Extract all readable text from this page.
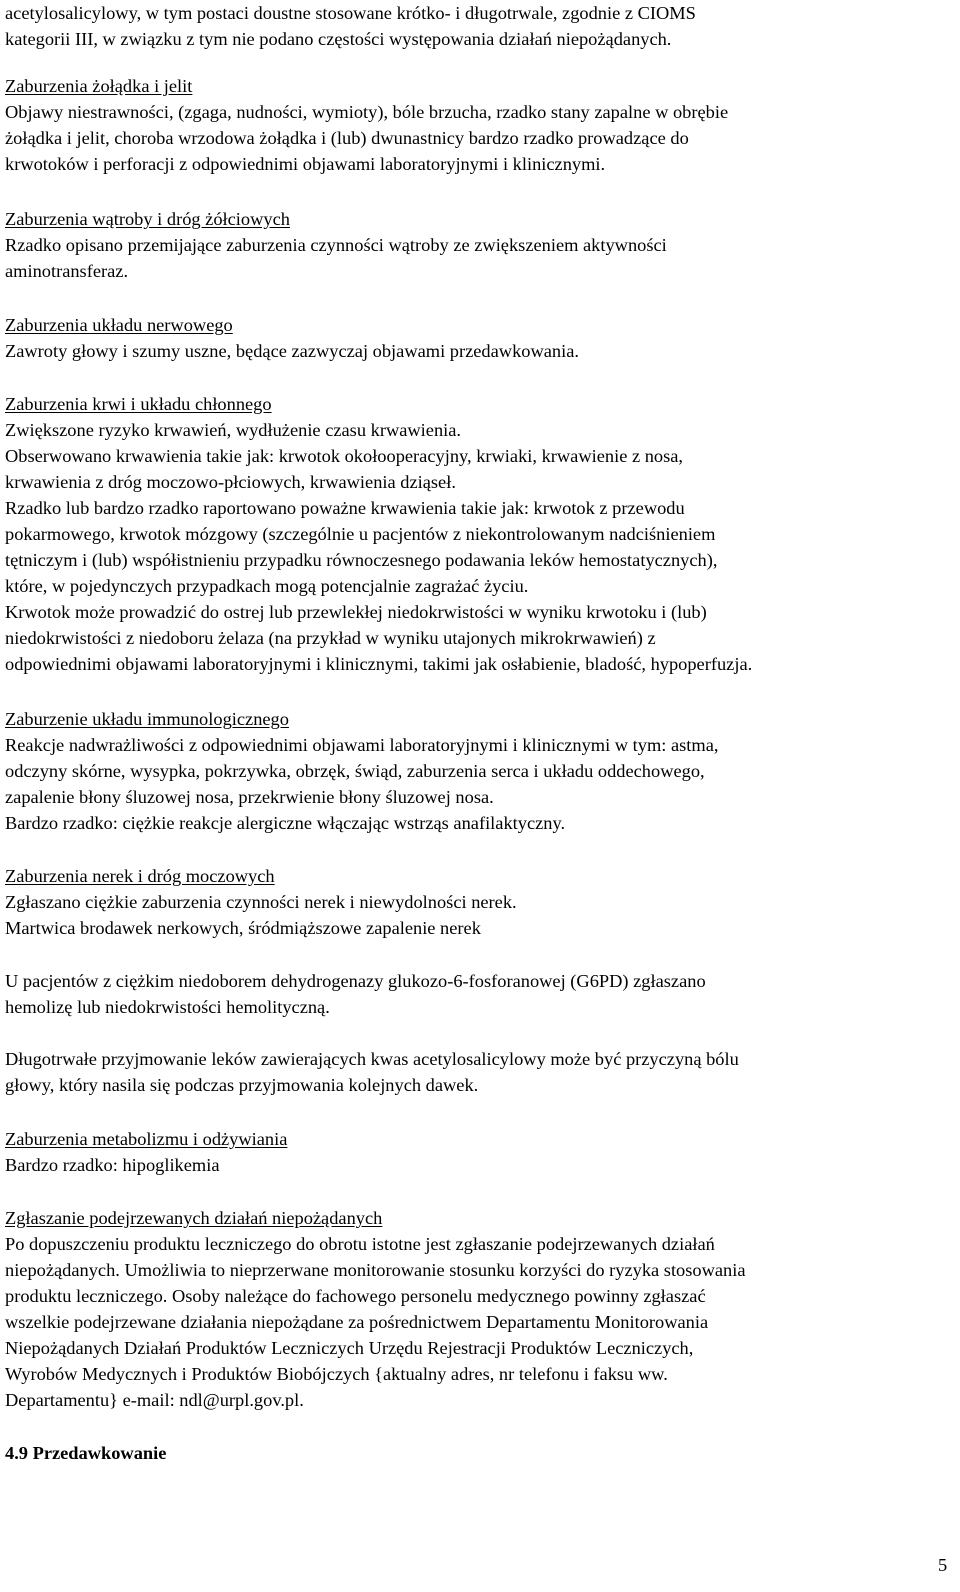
acetylosalicylowy, w tym postaci doustne stosowane krótko- i długotrwale, zgodnie z CIOMS
kategorii III, w związku z tym nie podano częstości występowania działań niepożądanych.
Zaburzenia żołądka i jelit
Objawy niestrawności, (zgaga, nudności, wymioty), bóle brzucha, rzadko stany zapalne w obrębie
żołądka i jelit, choroba wrzodowa żołądka i (lub) dwunastnicy bardzo rzadko prowadzące do
krwotoków i perforacji z odpowiednimi objawami laboratoryjnymi i klinicznymi.
Zaburzenia wątroby i dróg żółciowych
Rzadko opisano przemijające zaburzenia czynności wątroby ze zwiększeniem aktywności
aminotransferaz.
Zaburzenia układu nerwowego
Zawroty głowy i szumy uszne, będące zazwyczaj objawami przedawkowania.
Zaburzenia krwi i układu chłonnego
Zwiększone ryzyko krwawień, wydłużenie czasu krwawienia.
Obserwowano krwawienia takie jak: krwotok okołooperacyjny, krwiaki, krwawienie z nosa,
krwawienia z dróg moczowo-płciowych, krwawienia dziąseł.
Rzadko lub bardzo rzadko raportowano poważne krwawienia takie jak: krwotok z przewodu
pokarmowego, krwotok mózgowy (szczególnie u pacjentów z niekontrolowanym nadciśnieniem
tętniczym i (lub) współistnieniu przypadku równoczesnego podawania leków hemostatycznych),
które, w pojedynczych przypadkach mogą potencjalnie zagrażać życiu.
Krwotok może prowadzić do ostrej lub przewlekłej niedokrwistości w wyniku krwotoku i (lub)
niedokrwistości z niedoboru żelaza (na przykład w wyniku utajonych mikrokrwawień) z
odpowiednimi objawami laboratoryjnymi i klinicznymi, takimi jak osłabienie, bladość, hypoperfuzja.
Zaburzenie układu immunologicznego
Reakcje nadwrażliwości z odpowiednimi objawami laboratoryjnymi i klinicznymi w tym: astma,
odczyny skórne, wysypka, pokrzywka, obrzęk, świąd, zaburzenia serca i układu oddechowego,
zapalenie błony śluzowej nosa, przekrwienie błony śluzowej nosa.
Bardzo rzadko: ciężkie reakcje alergiczne włączając wstrząs anafilaktyczny.
Zaburzenia nerek i dróg moczowych
Zgłaszano ciężkie zaburzenia czynności nerek i niewydolności nerek.
Martwica brodawek nerkowych, śródmiąższowe zapalenie nerek
U pacjentów z ciężkim niedoborem dehydrogenazy glukozo-6-fosforanowej (G6PD) zgłaszano
hemolizę lub niedokrwistości hemolityczną.
Długotrwałe przyjmowanie leków zawierających kwas acetylosalicylowy może być przyczyną bólu
głowy, który nasila się podczas przyjmowania kolejnych dawek.
Zaburzenia metabolizmu i odżywiania
Bardzo rzadko: hipoglikemia
Zgłaszanie podejrzewanych działań niepożądanych
Po dopuszczeniu produktu leczniczego do obrotu istotne jest zgłaszanie podejrzewanych działań
niepożądanych. Umożliwia to nieprzerwane monitorowanie stosunku korzyści do ryzyka stosowania
produktu leczniczego. Osoby należące do fachowego personelu medycznego powinny zgłaszać
wszelkie podejrzewane działania niepożądane za pośrednictwem Departamentu Monitorowania
Niepożądanych Działań Produktów Leczniczych Urzędu Rejestracji Produktów Leczniczych,
Wyrobów Medycznych i Produktów Biobójczych {aktualny adres, nr telefonu i faksu ww.
Departamentu} e-mail: ndl@urpl.gov.pl.
4.9 Przedawkowanie
5
